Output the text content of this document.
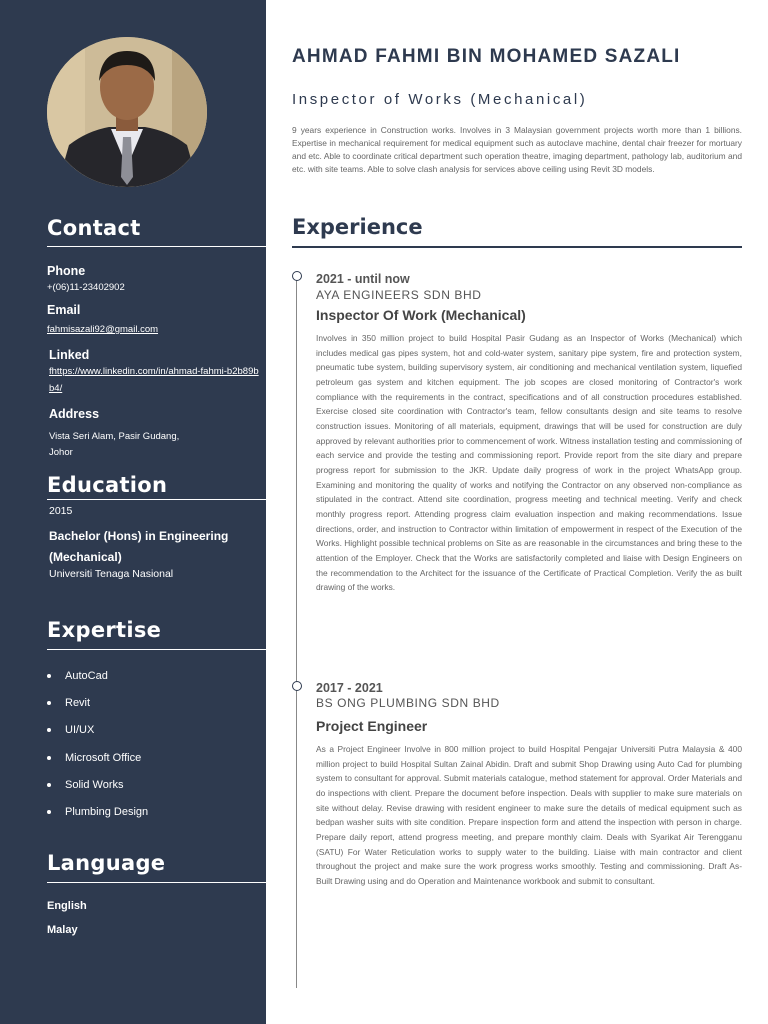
Contact
Phone
+(06)11-23402902
Email
fahmisazali92@gmail.com
Linked
fhttps://www.linkedin.com/in/ahmad-fahmi-b2b89bb4/
Address
Vista Seri Alam, Pasir Gudang,
Johor
Education
2015
Bachelor (Hons) in Engineering (Mechanical)
Universiti Tenaga Nasional
Expertise
AutoCad
Revit
UI/UX
Microsoft Office
Solid Works
Plumbing Design
Language
English
Malay
AHMAD FAHMI BIN MOHAMED SAZALI
Inspector of Works (Mechanical)
9 years experience in Construction works. Involves in 3 Malaysian government projects worth more than 1 billions. Expertise in mechanical requirement for medical equipment such as autoclave machine, dental chair freezer for mortuary and etc. Able to coordinate critical department such operation theatre, imaging department, pathology lab, auditorium and etc. with site teams. Able to solve clash analysis for services above ceiling using Revit 3D models.
Experience
2021 - until now
AYA ENGINEERS SDN BHD
Inspector Of Work (Mechanical)
Involves in 350 million project to build Hospital Pasir Gudang as an Inspector of Works (Mechanical) which includes medical gas pipes system, hot and cold-water system, sanitary pipe system, fire and protection system, pneumatic tube system, building supervisory system, air conditioning and mechanical ventilation system, liquefied petroleum gas system and kitchen equipment. The job scopes are closed monitoring of Contractor's work compliance with the requirements in the contract, specifications and of all construction procedures established. Exercise closed site coordination with Contractor's team, fellow consultants design and site teams to resolve construction issues. Monitoring of all materials, equipment, drawings that will be used for construction are duly approved by relevant authorities prior to commencement of work. Witness installation testing and commissioning of each service and provide the testing and commissioning report. Provide report from the site diary and prepare progress report for submission to the JKR. Update daily progress of work in the project WhatsApp group. Examining and monitoring the quality of works and notifying the Contractor on any observed non-compliance as stipulated in the contract. Attend site coordination, progress meeting and technical meeting. Verify and check monthly progress report. Attending progress claim evaluation inspection and making recommendations. Issue directions, order, and instruction to Contractor within limitation of empowerment in respect of the Execution of the Works. Highlight possible technical problems on Site as are reasonable in the circumstances and bring these to the attention of the Employer. Check that the Works are satisfactorily completed and liaise with Design Engineers on the recommendation to the Architect for the issuance of the Certificate of Practical Completion. Verify the as built drawing of the works.
2017 - 2021
BS ONG PLUMBING SDN BHD
Project Engineer
As a Project Engineer Involve in 800 million project to build Hospital Pengajar Universiti Putra Malaysia & 400 million project to build Hospital Sultan Zainal Abidin. Draft and submit Shop Drawing using Auto Cad for plumbing system to consultant for approval. Submit materials catalogue, method statement for approval. Order Materials and do inspections with client. Prepare the document before inspection. Deals with supplier to make sure materials on site without delay. Revise drawing with resident engineer to make sure the details of medical equipment such as bedpan washer suits with site condition. Prepare inspection form and attend the inspection with person in charge. Prepare daily report, attend progress meeting, and prepare monthly claim. Deals with Syarikat Air Terengganu (SATU) For Water Reticulation works to supply water to the building. Liaise with main contractor and client throughout the project and make sure the work progress works smoothly. Testing and commissioning. Draft As-Built Drawing using and do Operation and Maintenance workbook and submit to consultant.
